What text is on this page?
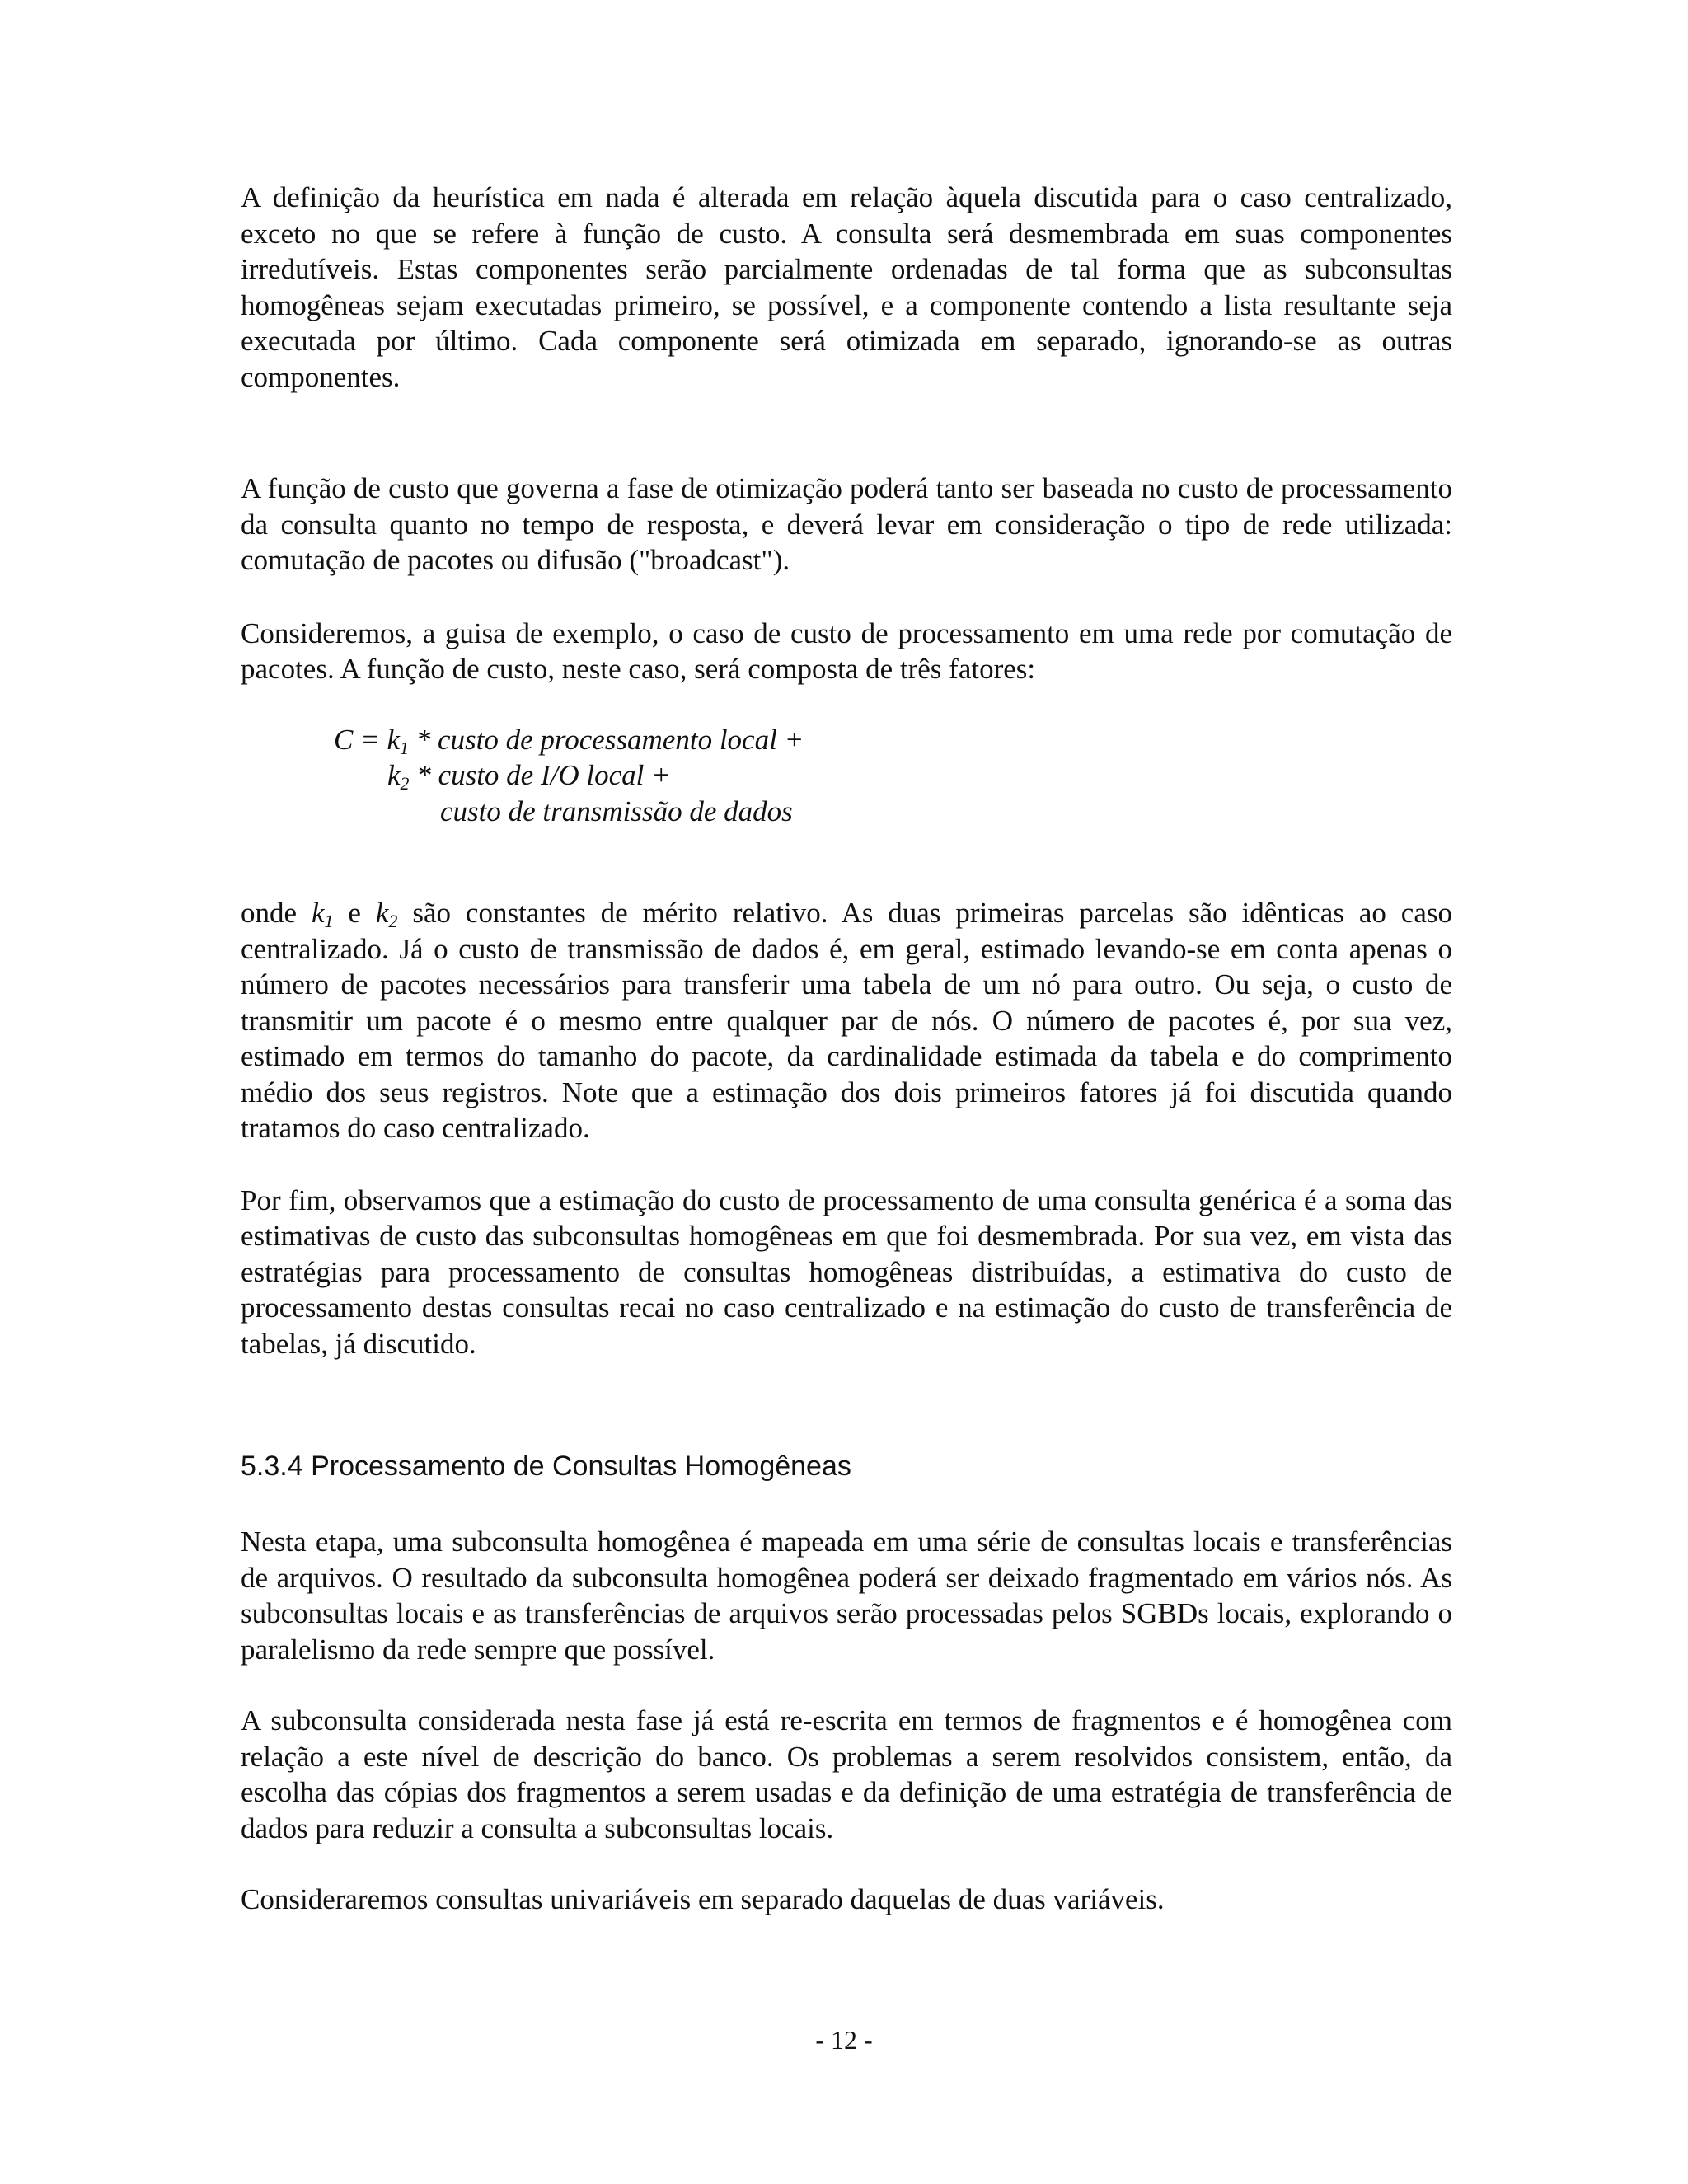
A definição da heurística em nada é alterada em relação àquela discutida para o caso centralizado, exceto no que se refere à função de custo. A consulta será desmembrada em suas componentes irredutíveis. Estas componentes serão parcialmente ordenadas de tal forma que as subconsultas homogêneas sejam executadas primeiro, se possível, e a componente contendo a lista resultante seja executada por último. Cada componente será otimizada em separado, ignorando-se as outras componentes.

A função de custo que governa a fase de otimização poderá tanto ser baseada no custo de processamento da consulta quanto no tempo de resposta, e deverá levar em consideração o tipo de rede utilizada: comutação de pacotes ou difusão ("broadcast").

Consideremos, a guisa de exemplo, o caso de custo de processamento em uma rede por comutação de pacotes. A função de custo, neste caso, será composta de três fatores:

$C = k_1$ * custo de processamento local +
$k_2$ * custo de I/O local +
custo de transmissão de dados

onde $k_1$ e $k_2$ são constantes de mérito relativo. As duas primeiras parcelas são idênticas ao caso centralizado. Já o custo de transmissão de dados é, em geral, estimado levando-se em conta apenas o número de pacotes necessários para transferir uma tabela de um nó para outro. Ou seja, o custo de transmitir um pacote é o mesmo entre qualquer par de nós. O número de pacotes é, por sua vez, estimado em termos do tamanho do pacote, da cardinalidade estimada da tabela e do comprimento médio dos seus registros. Note que a estimação dos dois primeiros fatores já foi discutida quando tratamos do caso centralizado.

Por fim, observamos que a estimação do custo de processamento de uma consulta genérica é a soma das estimativas de custo das subconsultas homogêneas em que foi desmembrada. Por sua vez, em vista das estratégias para processamento de consultas homogêneas distribuídas, a estimativa do custo de processamento destas consultas recai no caso centralizado e na estimação do custo de transferência de tabelas, já discutido.

5.3.4 Processamento de Consultas Homogêneas

Nesta etapa, uma subconsulta homogênea é mapeada em uma série de consultas locais e transferências de arquivos. O resultado da subconsulta homogênea poderá ser deixado fragmentado em vários nós. As subconsultas locais e as transferências de arquivos serão processadas pelos SGBDs locais, explorando o paralelismo da rede sempre que possível.

A subconsulta considerada nesta fase já está re-escrita em termos de fragmentos e é homogênea com relação a este nível de descrição do banco. Os problemas a serem resolvidos consistem, então, da escolha das cópias dos fragmentos a serem usadas e da definição de uma estratégia de transferência de dados para reduzir a consulta a subconsultas locais.

Consideraremos consultas univariáveis em separado daquelas de duas variáveis.

- 12 -
